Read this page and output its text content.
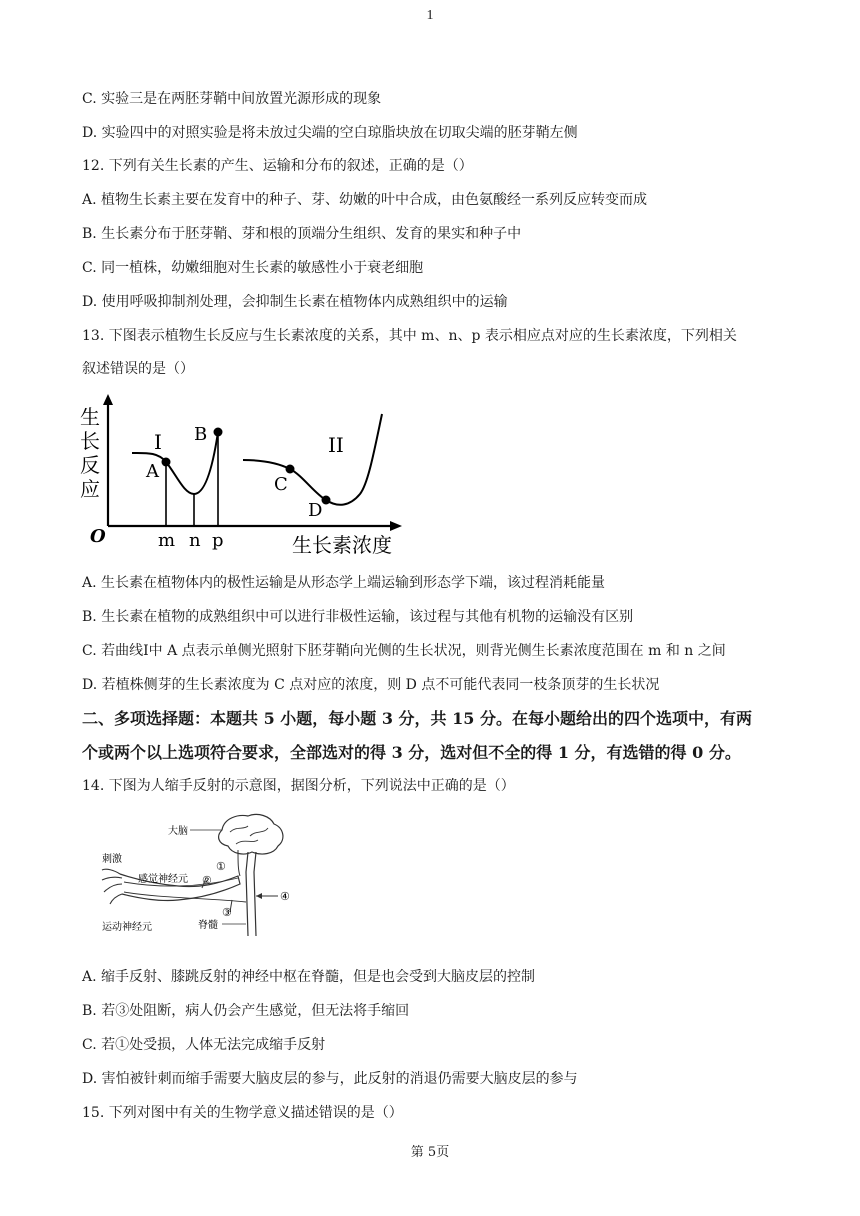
1
C. 实验三是在两胚芽鞘中间放置光源形成的现象
D. 实验四中的对照实验是将未放过尖端的空白琼脂块放在切取尖端的胚芽鞘左侧
12. 下列有关生长素的产生、运输和分布的叙述，正确的是（）
A. 植物生长素主要在发育中的种子、芽、幼嫩的叶中合成，由色氨酸经一系列反应转变而成
B. 生长素分布于胚芽鞘、芽和根的顶端分生组织、发育的果实和种子中
C. 同一植株，幼嫩细胞对生长素的敏感性小于衰老细胞
D. 使用呼吸抑制剂处理，会抑制生长素在植物体内成熟组织中的运输
13. 下图表示植物生长反应与生长素浓度的关系，其中 m、n、p 表示相应点对应的生长素浓度，下列相关
叙述错误的是（）
生
长
反
应
O
I	II
A
B
C
D
m n p	生长素浓度
A. 生长素在植物体内的极性运输是从形态学上端运输到形态学下端，该过程消耗能量
B. 生长素在植物的成熟组织中可以进行非极性运输，该过程与其他有机物的运输没有区别
C. 若曲线Ⅰ中 A 点表示单侧光照射下胚芽鞘向光侧的生长状况，则背光侧生长素浓度范围在 m 和 n 之间
D. 若植株侧芽的生长素浓度为 C 点对应的浓度，则 D 点不可能代表同一枝条顶芽的生长状况
二、多项选择题：本题共 5 小题，每小题 3 分，共 15 分。在每小题给出的四个选项中，有两
个或两个以上选项符合要求，全部选对的得 3 分，选对但不全的得 1 分，有选错的得 0 分。
14. 下图为人缩手反射的示意图，据图分析，下列说法中正确的是（）
大脑
刺激
感觉神经元
运动神经元	脊髓
①
②
③
④
A. 缩手反射、膝跳反射的神经中枢在脊髓，但是也会受到大脑皮层的控制
B. 若③处阻断，病人仍会产生感觉，但无法将手缩回
C. 若①处受损，人体无法完成缩手反射
D. 害怕被针刺而缩手需要大脑皮层的参与，此反射的消退仍需要大脑皮层的参与
15. 下列对图中有关的生物学意义描述错误的是（）
第 5页
